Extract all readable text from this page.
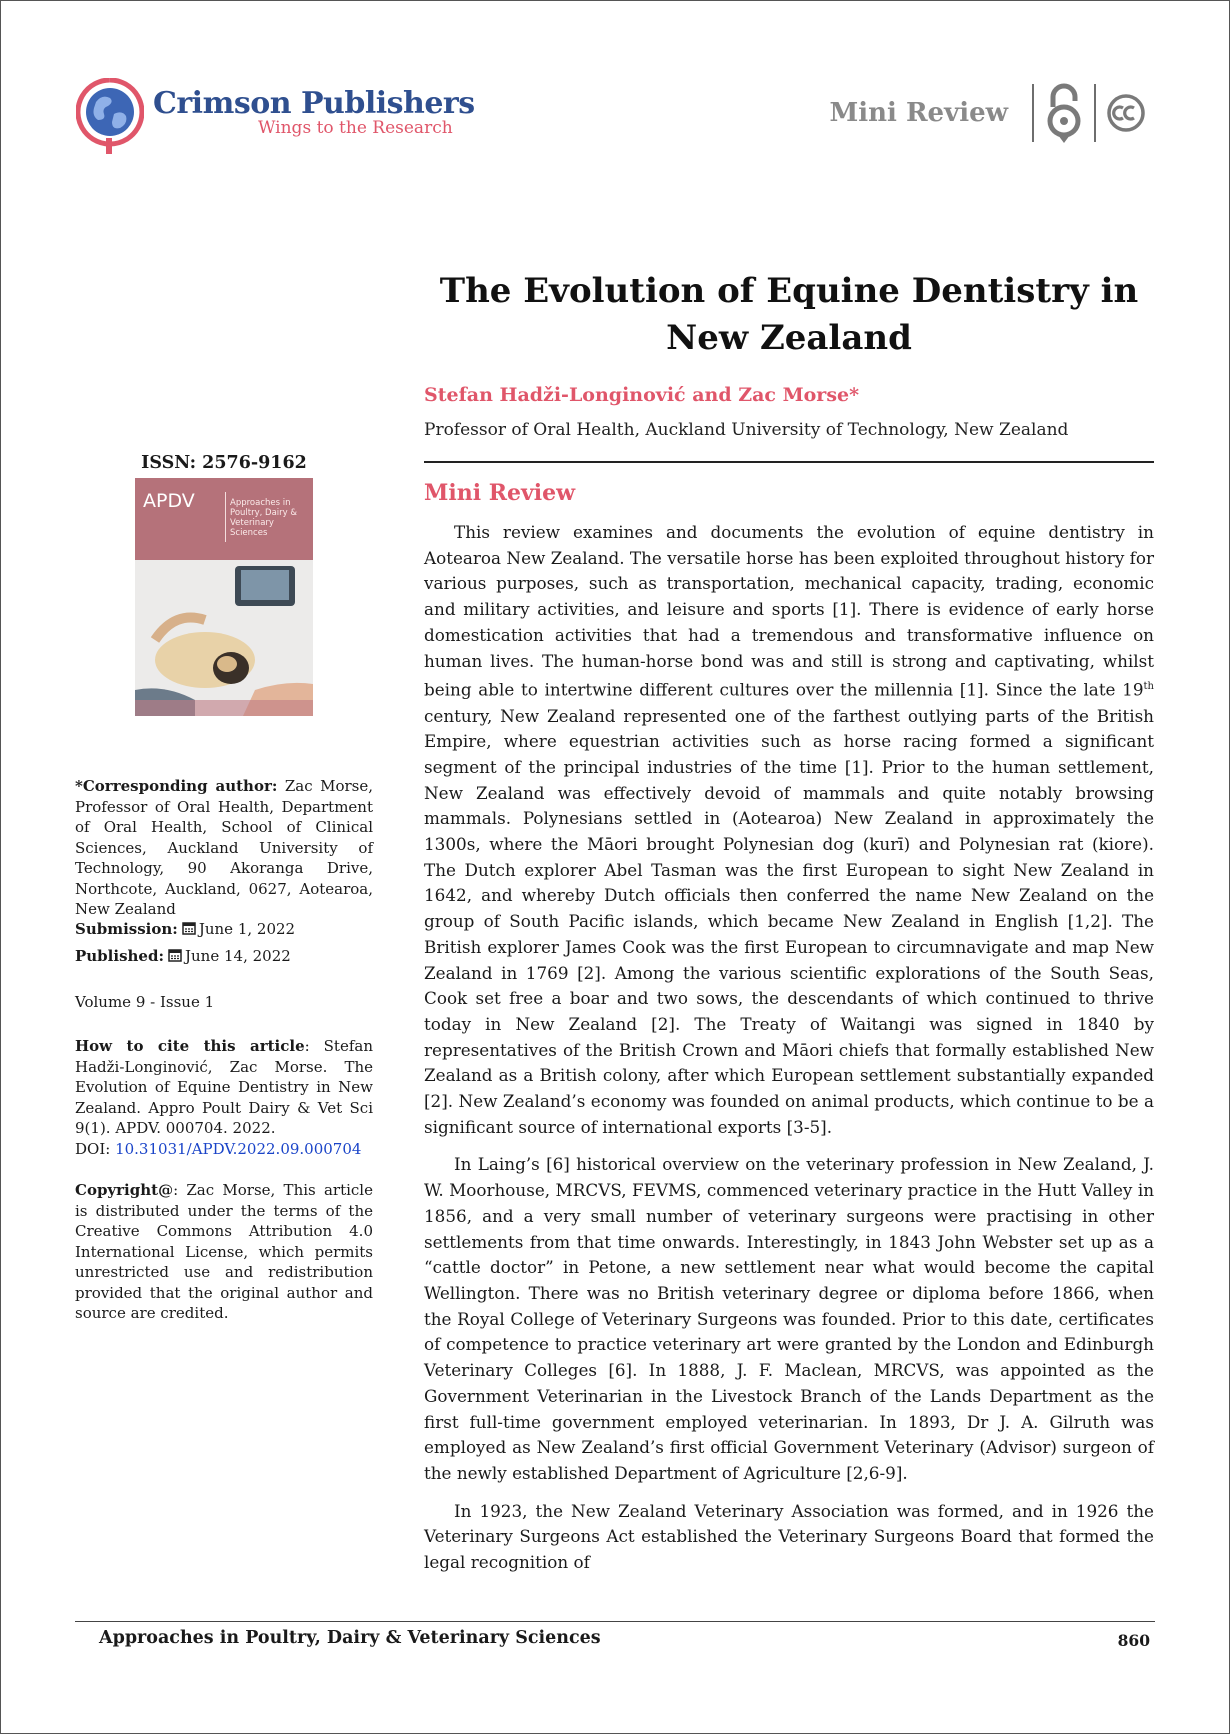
Crimson Publishers
Wings to the Research	Mini Review
The Evolution of Equine Dentistry in New Zealand
Stefan Hadži-Longinović and Zac Morse*
Professor of Oral Health, Auckland University of Technology, New Zealand
Mini Review

This review examines and documents the evolution of equine dentistry in Aotearoa New Zealand. The versatile horse has been exploited throughout history for various purposes, such as transportation, mechanical capacity, trading, economic and military activities, and leisure and sports [1]. There is evidence of early horse domestication activities that had a tremendous and transformative influence on human lives. The human-horse bond was and still is strong and captivating, whilst being able to intertwine different cultures over the millennia [1]. Since the late 19th century, New Zealand represented one of the farthest outlying parts of the British Empire, where equestrian activities such as horse racing formed a significant segment of the principal industries of the time [1]. Prior to the human settlement, New Zealand was effectively devoid of mammals and quite notably browsing mammals. Polynesians settled in (Aotearoa) New Zealand in approximately the 1300s, where the Māori brought Polynesian dog (kurī) and Polynesian rat (kiore). The Dutch explorer Abel Tasman was the first European to sight New Zealand in 1642, and whereby Dutch officials then conferred the name New Zealand on the group of South Pacific islands, which became New Zealand in English [1,2]. The British explorer James Cook was the first European to circumnavigate and map New Zealand in 1769 [2]. Among the various scientific explorations of the South Seas, Cook set free a boar and two sows, the descendants of which continued to thrive today in New Zealand [2]. The Treaty of Waitangi was signed in 1840 by representatives of the British Crown and Māori chiefs that formally established New Zealand as a British colony, after which European settlement substantially expanded [2]. New Zealand’s economy was founded on animal products, which continue to be a significant source of international exports [3-5].

In Laing’s [6] historical overview on the veterinary profession in New Zealand, J. W. Moorhouse, MRCVS, FEVMS, commenced veterinary practice in the Hutt Valley in 1856, and a very small number of veterinary surgeons were practising in other settlements from that time onwards. Interestingly, in 1843 John Webster set up as a “cattle doctor” in Petone, a new settlement near what would become the capital Wellington. There was no British veterinary degree or diploma before 1866, when the Royal College of Veterinary Surgeons was founded. Prior to this date, certificates of competence to practice veterinary art were granted by the London and Edinburgh Veterinary Colleges [6]. In 1888, J. F. Maclean, MRCVS, was appointed as the Government Veterinarian in the Livestock Branch of the Lands Department as the first full-time government employed veterinarian. In 1893, Dr J. A. Gilruth was employed as New Zealand’s first official Government Veterinary (Advisor) surgeon of the newly established Department of Agriculture [2,6-9].

In 1923, the New Zealand Veterinary Association was formed, and in 1926 the Veterinary Surgeons Act established the Veterinary Surgeons Board that formed the legal recognition of

ISSN: 2576-9162
APDV	Approaches in Poultry, Dairy & Veterinary Sciences
*Corresponding author: Zac Morse, Professor of Oral Health, Department of Oral Health, School of Clinical Sciences, Auckland University of Technology, 90 Akoranga Drive, Northcote, Auckland, 0627, Aotearoa, New Zealand
Submission: June 1, 2022
Published: June 14, 2022
Volume 9 - Issue 1
How to cite this article: Stefan Hadži-Longinović, Zac Morse. The Evolution of Equine Dentistry in New Zealand. Appro Poult Dairy & Vet Sci 9(1). APDV. 000704. 2022.
DOI: 10.31031/APDV.2022.09.000704
Copyright@: Zac Morse, This article is distributed under the terms of the Creative Commons Attribution 4.0 International License, which permits unrestricted use and redistribution provided that the original author and source are credited.
Approaches in Poultry, Dairy & Veterinary Sciences	860
